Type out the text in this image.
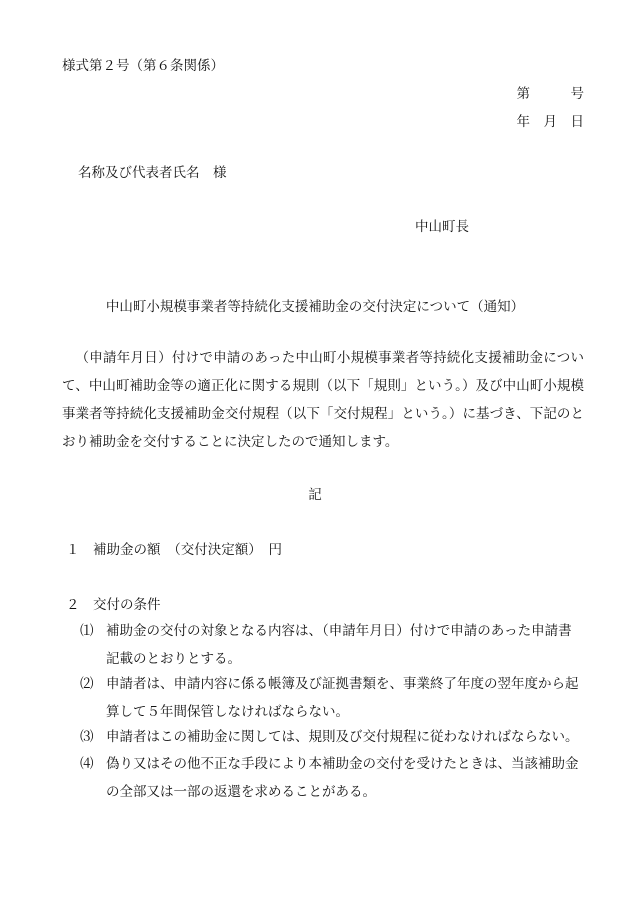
様式第２号（第６条関係）
第　　　号
年　月　日
名称及び代表者氏名　様
中山町長
中山町小規模事業者等持続化支援補助金の交付決定について（通知）
（申請年月日）付けで申請のあった中山町小規模事業者等持続化支援補助金について、中山町補助金等の適正化に関する規則（以下「規則」という。）及び中山町小規模事業者等持続化支援補助金交付規程（以下「交付規程」という。）に基づき、下記のとおり補助金を交付することに決定したので通知します。
記
１　補助金の額　（交付決定額）　円
２　交付の条件
⑴ 補助金の交付の対象となる内容は、（申請年月日）付けで申請のあった申請書記載のとおりとする。
⑵ 申請者は、申請内容に係る帳簿及び証拠書類を、事業終了年度の翌年度から起算して５年間保管しなければならない。
⑶ 申請者はこの補助金に関しては、規則及び交付規程に従わなければならない。
⑷ 偽り又はその他不正な手段により本補助金の交付を受けたときは、当該補助金の全部又は一部の返還を求めることがある。
